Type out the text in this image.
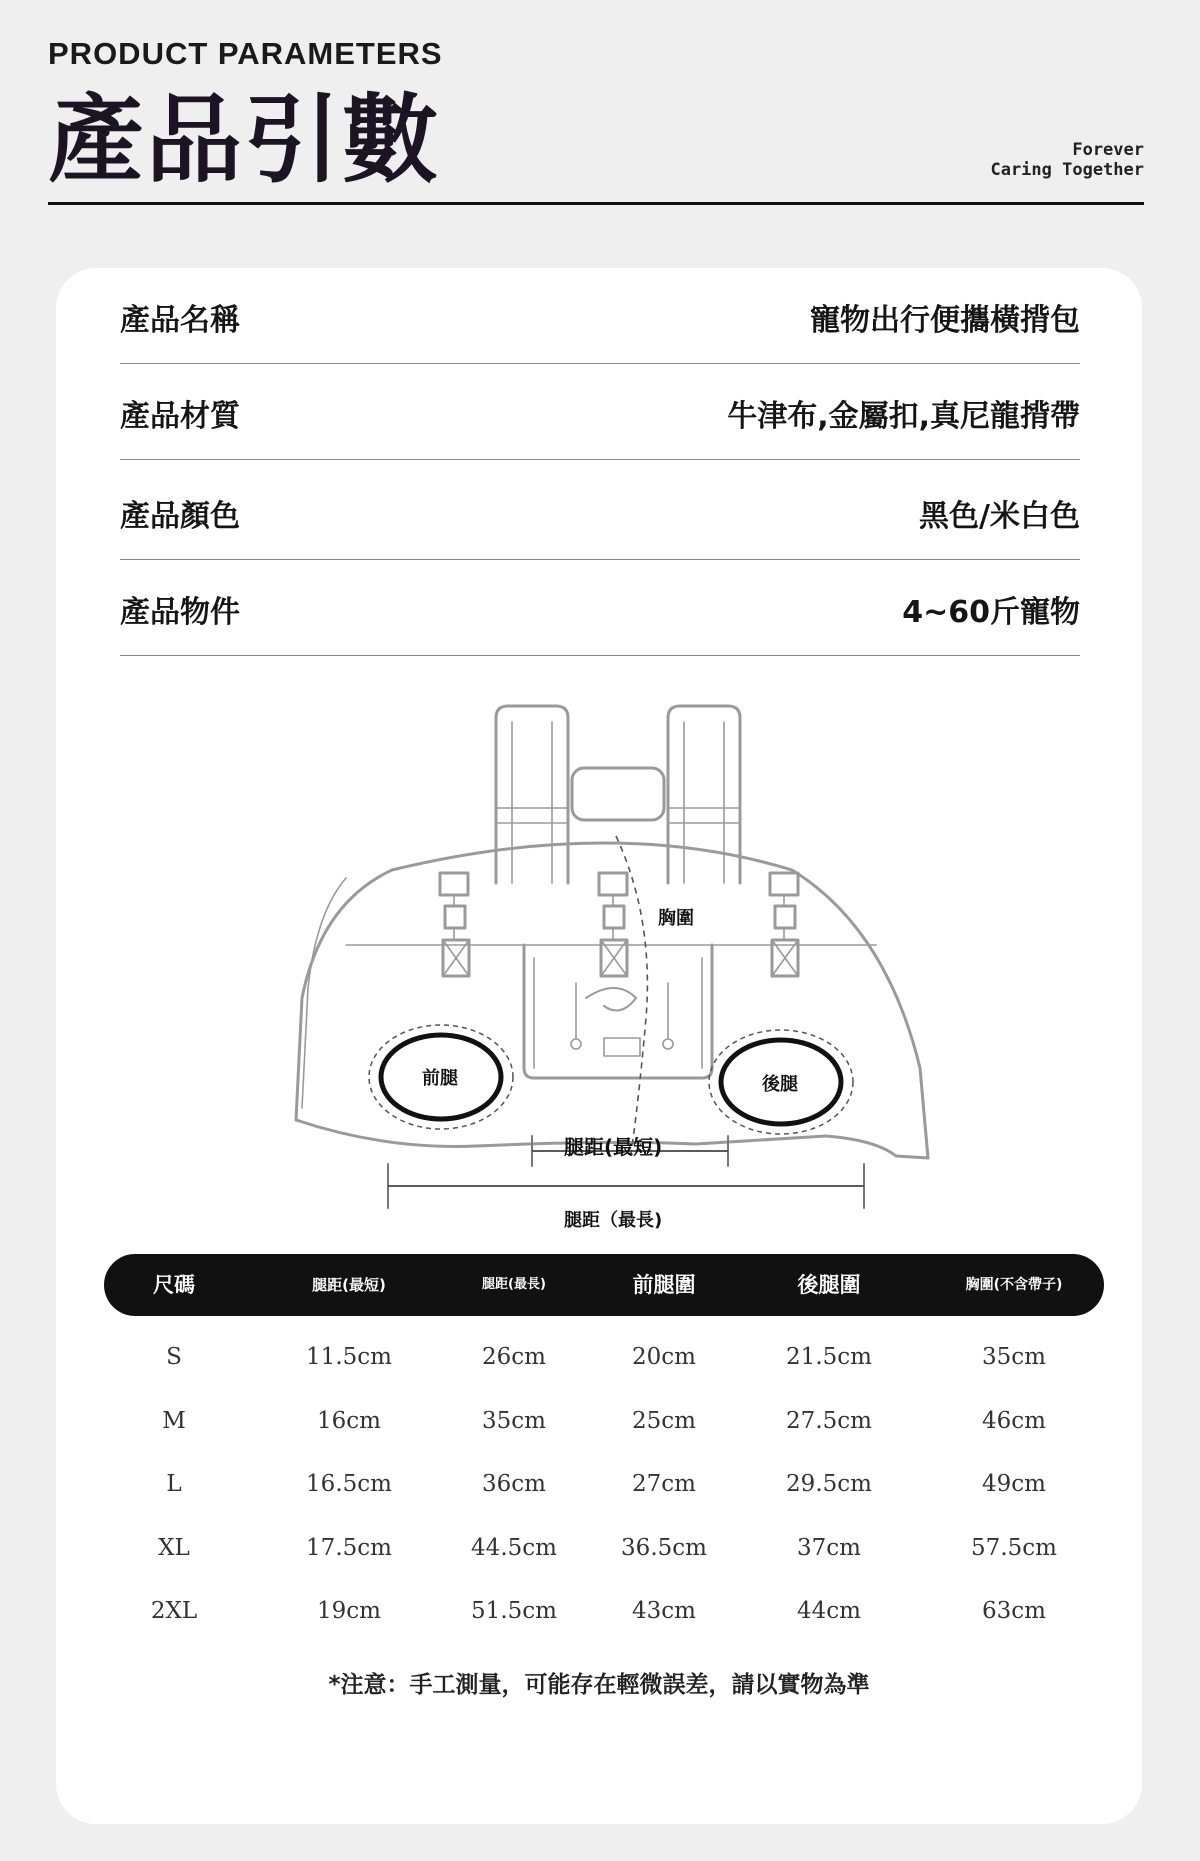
PRODUCT PARAMETERS
產品引數	Forever
Caring Together
產品名稱	寵物出行便攜橫揹包
產品材質	牛津布,金屬扣,真尼龍揹帶
產品顏色	黑色/米白色
產品物件	4~60斤寵物
胸圍
前腿	後腿
腿距(最短)
腿距（最長)
尺碼	腿距(最短)	腿距(最長)	前腿圍	後腿圍	胸圍(不含帶子)
S	11.5cm	26cm	20cm	21.5cm	35cm
M	16cm	35cm	25cm	27.5cm	46cm
L	16.5cm	36cm	27cm	29.5cm	49cm
XL	17.5cm	44.5cm	36.5cm	37cm	57.5cm
2XL	19cm	51.5cm	43cm	44cm	63cm
*注意：手工測量，可能存在輕微誤差，請以實物為準
